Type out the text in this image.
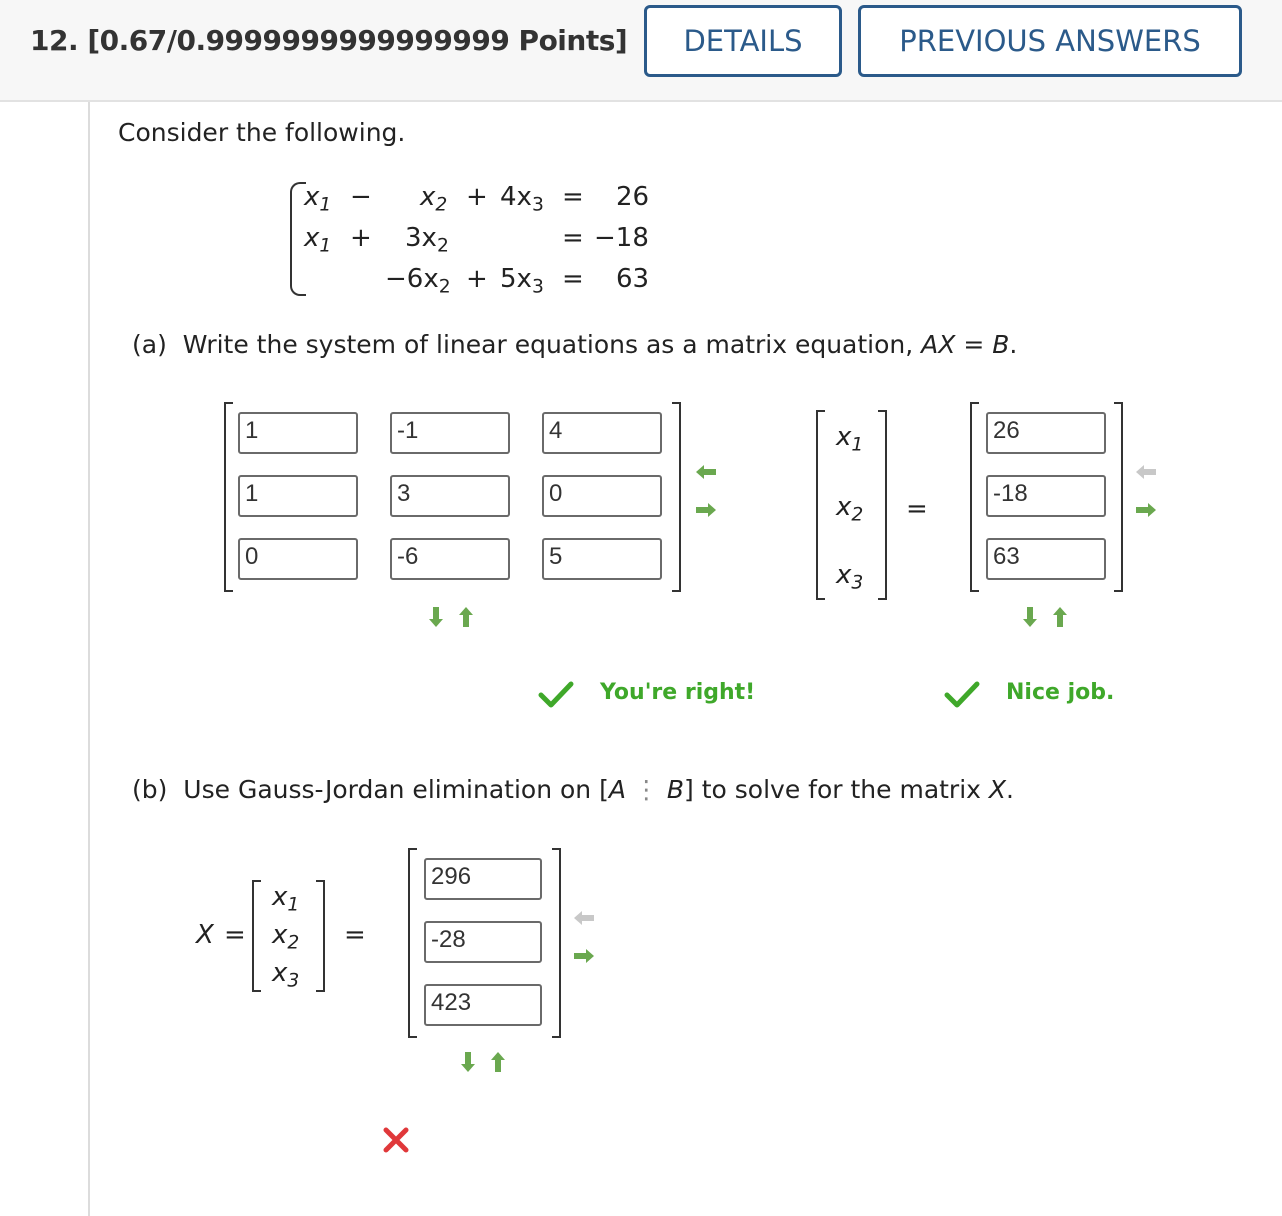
12. [0.67/0.9999999999999999 Points]	DETAILS	PREVIOUS ANSWERS
Consider the following.
$x_1 - x_2 + 4x_3 = 26$
$x_1 + 3x_2$	= −18
$-6x_2 + 5x_3 = 63$
(a) Write the system of linear equations as a matrix equation, AX = B.
1	-1	4
1	3	0
0	-6	5
$x_1$
$x_2$
$x_3$
=
26
-18
63
You're right!	Nice job.
(b) Use Gauss-Jordan elimination on [A ⋮ B] to solve for the matrix X.
X =
$x_1$
$x_2$
$x_3$
=
296
-28
423
